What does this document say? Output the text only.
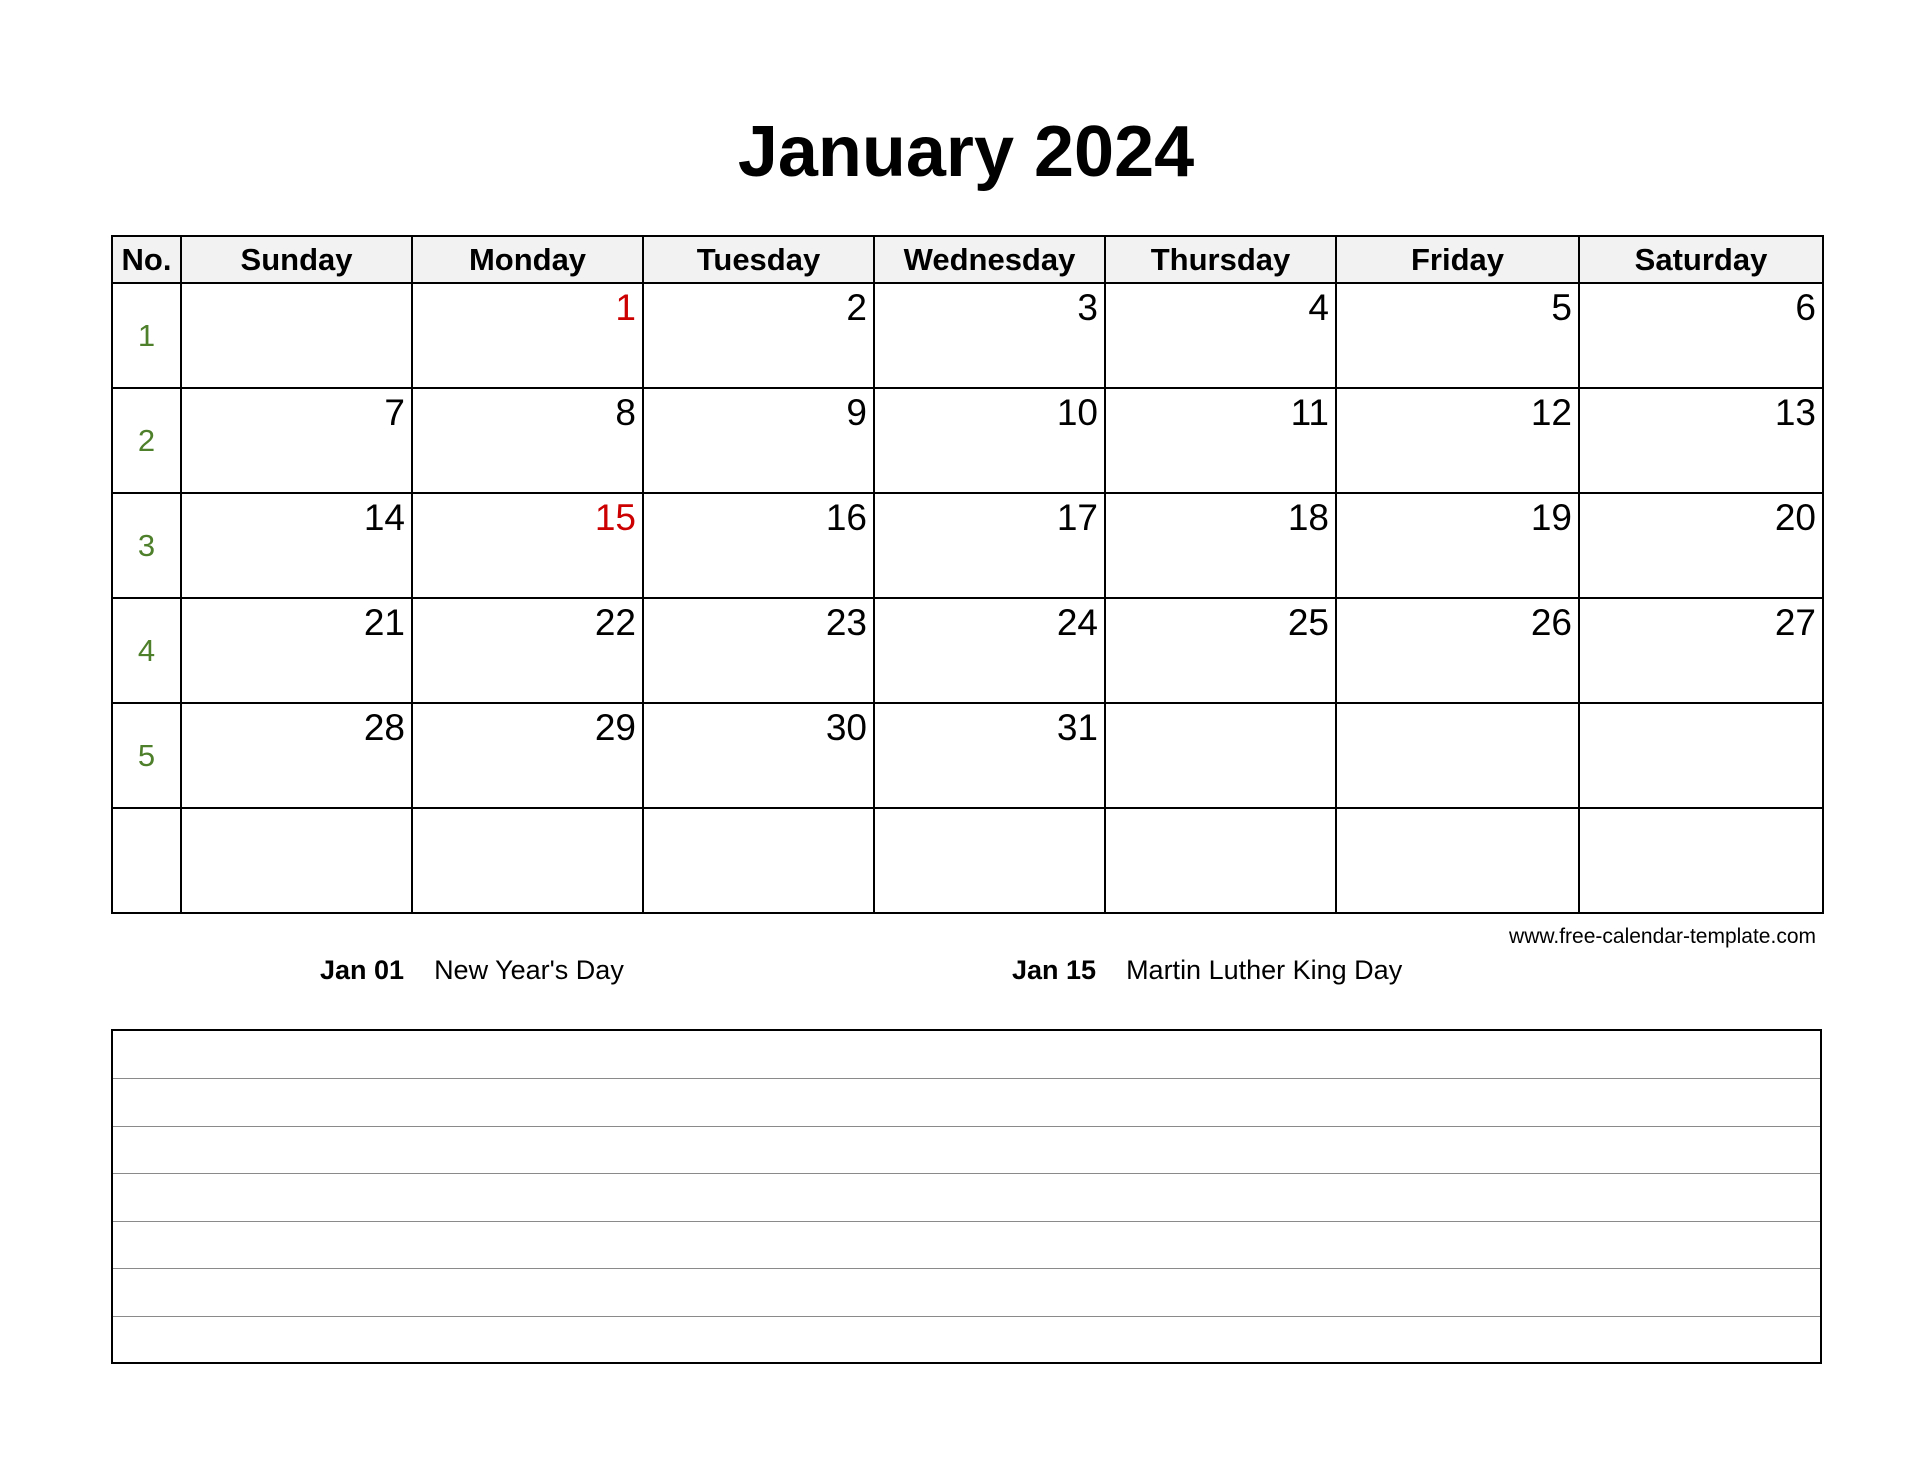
January 2024
No.	Sunday	Monday	Tuesday	Wednesday	Thursday	Friday	Saturday
1		1	2	3	4	5	6

2	7	8	9	10	11	12	13

3	14	15	16	17	18	19	20

4	21	22	23	24	25	26	27

5	28	29	30	31			

www.free-calendar-template.com
Jan 01 New Year's Day	Jan 15 Martin Luther King Day
